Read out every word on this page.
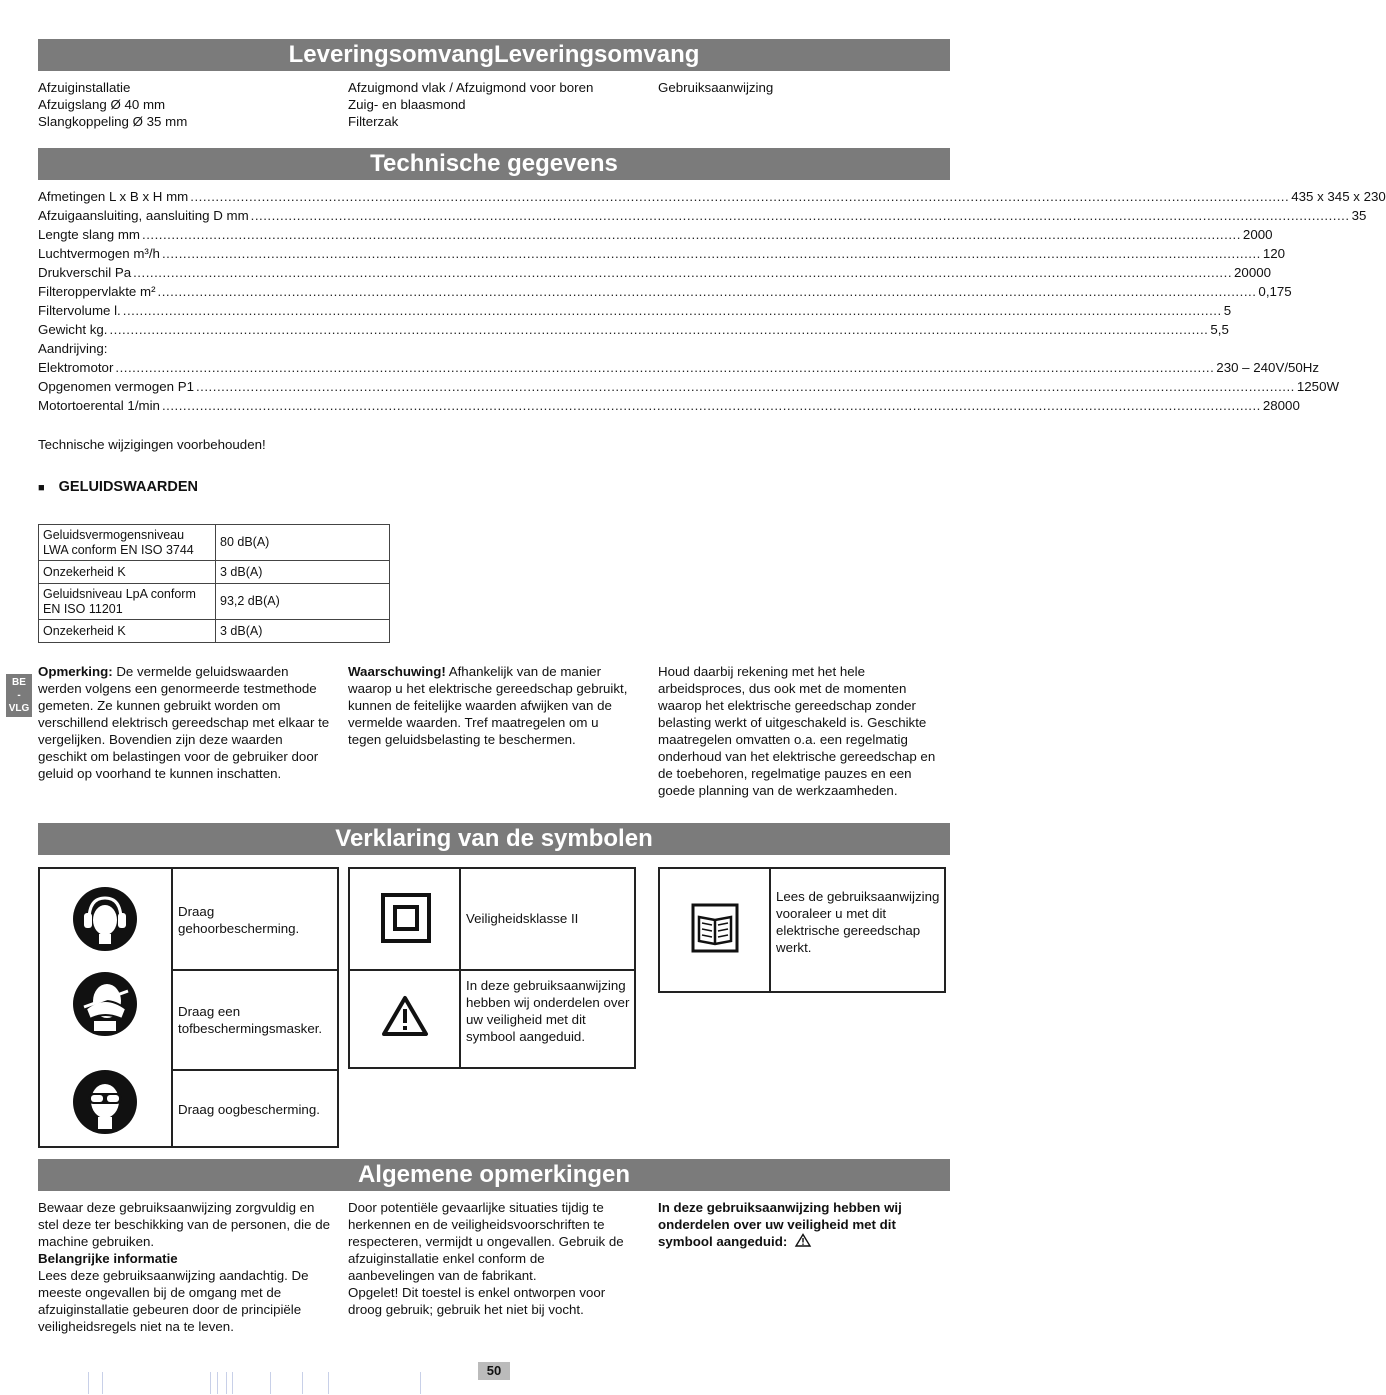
LeveringsomvangLeveringsomvang
Afzuiginstallatie
Afzuigslang Ø 40 mm
Slangkoppeling Ø 35 mm
Afzuigmond vlak / Afzuigmond voor boren
Zuig- en blaasmond
Filterzak
Gebruiksaanwijzing
Technische gegevens
Afmetingen L x B x H mm ...................................................................................................................................................................................................................................................................... 435 x 345 x 230
Afzuigaansluiting, aansluiting D mm ...................................................................................................................................................................................................................................................................... 35
Lengte slang mm ...................................................................................................................................................................................................................................................................... 2000
Luchtvermogen m³/h ...................................................................................................................................................................................................................................................................... 120
Drukverschil Pa ...................................................................................................................................................................................................................................................................... 20000
Filteroppervlakte m² ...................................................................................................................................................................................................................................................................... 0,175
Filtervolume l. ...................................................................................................................................................................................................................................................................... 5
Gewicht kg. ...................................................................................................................................................................................................................................................................... 5,5
Aandrijving:
Elektromotor ...................................................................................................................................................................................................................................................................... 230 – 240V/50Hz
Opgenomen vermogen P1 ...................................................................................................................................................................................................................................................................... 1250W
Motortoerental 1/min ...................................................................................................................................................................................................................................................................... 28000
Technische wijzigingen voorbehouden!
■ GELUIDSWAARDEN
Geluidsvermogensniveau LWA conform EN ISO 3744	80 dB(A)
Onzekerheid K	3 dB(A)
Geluidsniveau LpA conform EN ISO 11201	93,2 dB(A)
Onzekerheid K	3 dB(A)
BE
-
VLG
Opmerking: De vermelde geluidswaarden werden volgens een genormeerde testmethode gemeten. Ze kunnen gebruikt worden om verschillend elektrisch gereedschap met elkaar te vergelijken. Bovendien zijn deze waarden geschikt om belastingen voor de gebruiker door geluid op voorhand te kunnen inschatten.
Waarschuwing! Afhankelijk van de manier waarop u het elektrische gereedschap gebruikt, kunnen de feitelijke waarden afwijken van de vermelde waarden. Tref maatregelen om u tegen geluidsbelasting te beschermen.
Houd daarbij rekening met het hele arbeidsproces, dus ook met de momenten waarop het elektrische gereedschap zonder belasting werkt of uitgeschakeld is. Geschikte maatregelen omvatten o.a. een regelmatig onderhoud van het elektrische gereedschap en de toebehoren, regelmatige pauzes en een goede planning van de werkzaamheden.
Verklaring van de symbolen
Draag gehoorbescherming.
Draag een tofbeschermingsmasker.
Draag oogbescherming.
Veiligheidsklasse II
In deze gebruiksaanwijzing hebben wij onderdelen over uw veiligheid met dit symbool aangeduid.
Lees de gebruiksaanwijzing vooraleer u met dit elektrische gereedschap werkt.
Algemene opmerkingen
Bewaar deze gebruiksaanwijzing zorgvuldig en stel deze ter beschikking van de personen, die de machine gebruiken.
Belangrijke informatie
Lees deze gebruiksaanwijzing aandachtig. De meeste ongevallen bij de omgang met de afzuiginstallatie gebeuren door de principiële veiligheidsregels niet na te leven.
Door potentiële gevaarlijke situaties tijdig te herkennen en de veiligheidsvoorschriften te respecteren, vermijdt u ongevallen. Gebruik de afzuiginstallatie enkel conform de aanbevelingen van de fabrikant.
Opgelet! Dit toestel is enkel ontworpen voor droog gebruik; gebruik het niet bij vocht.
In deze gebruiksaanwijzing hebben wij onderdelen over uw veiligheid met dit symbool aangeduid:
50
